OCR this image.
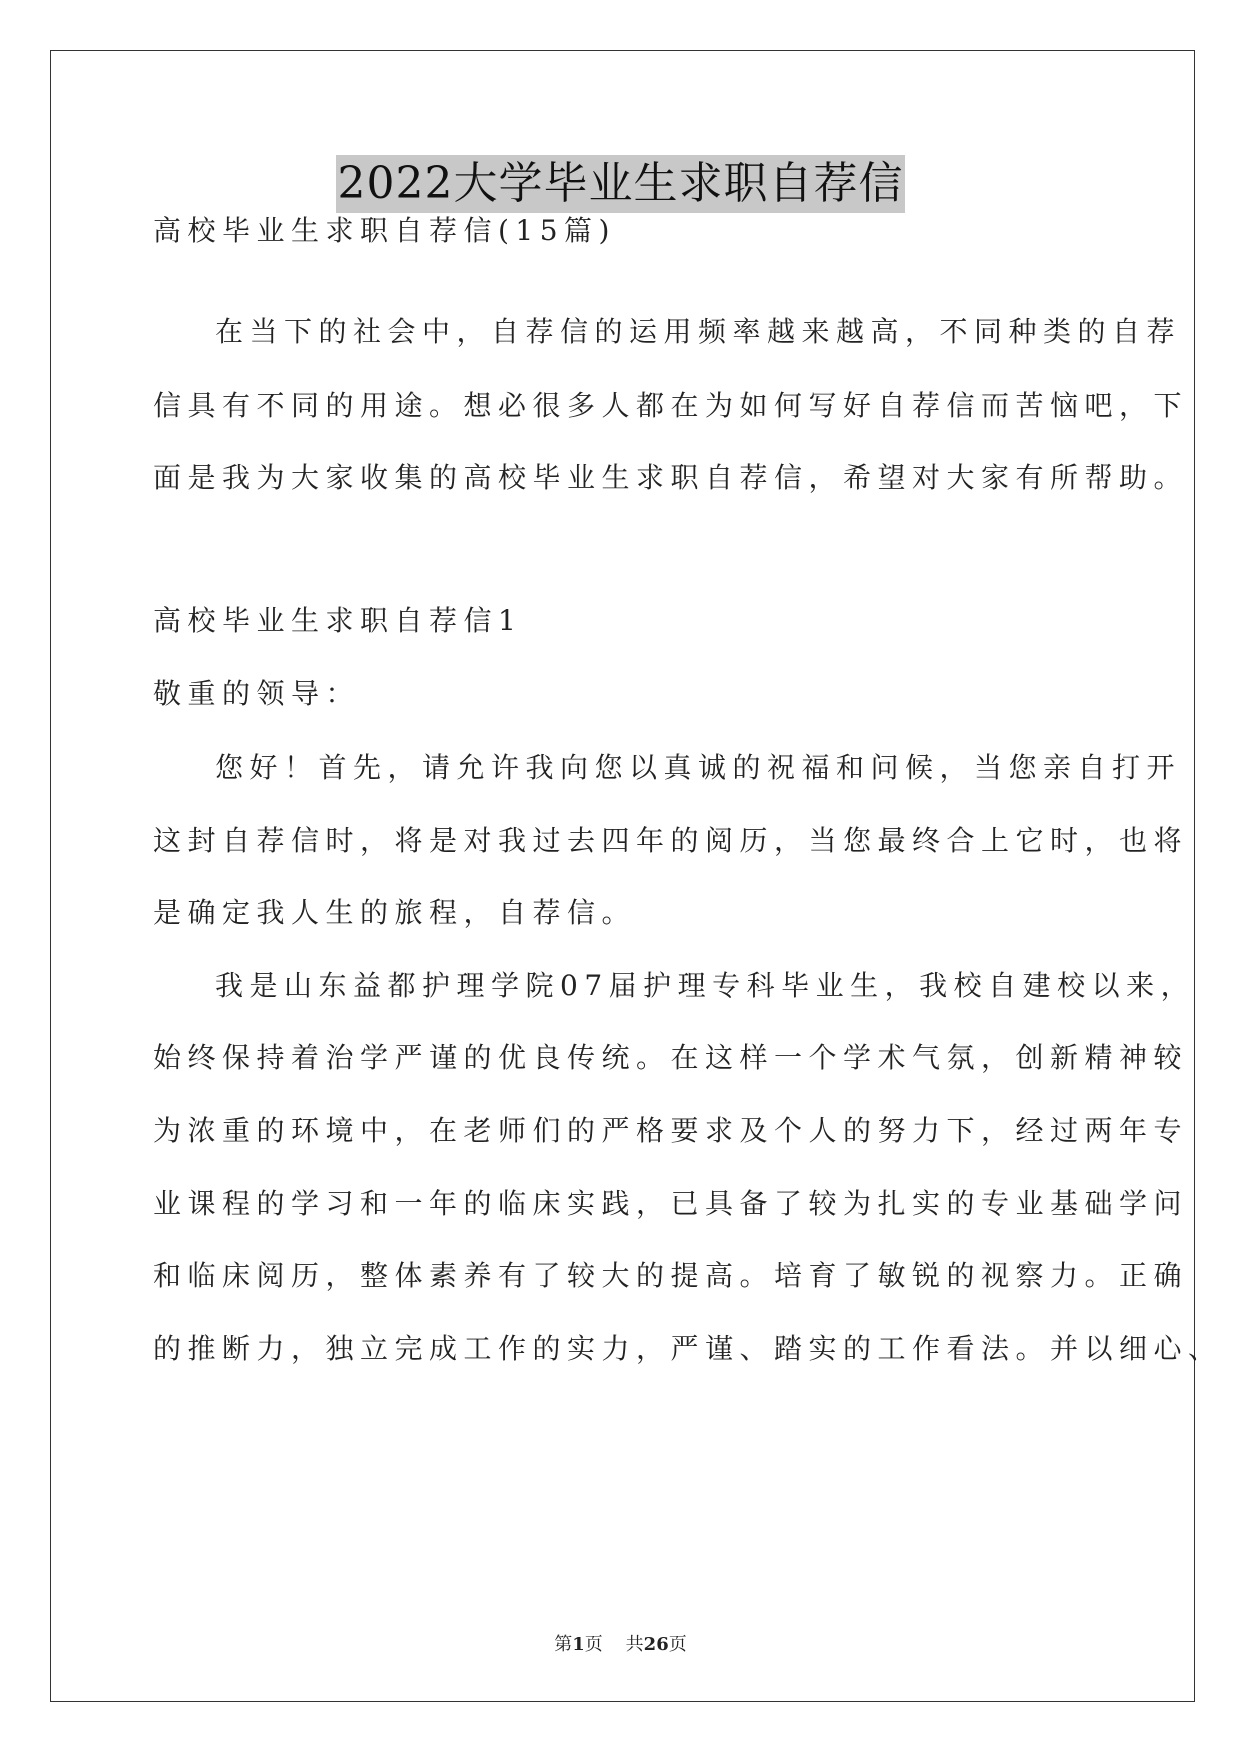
2022大学毕业生求职自荐信
高校毕业生求职自荐信(15篇)
在当下的社会中，自荐信的运用频率越来越高，不同种类的自荐
信具有不同的用途。想必很多人都在为如何写好自荐信而苦恼吧，下
面是我为大家收集的高校毕业生求职自荐信，希望对大家有所帮助。
高校毕业生求职自荐信1
敬重的领导：
您好！首先，请允许我向您以真诚的祝福和问候，当您亲自打开
这封自荐信时，将是对我过去四年的阅历，当您最终合上它时，也将
是确定我人生的旅程，自荐信。
我是山东益都护理学院07届护理专科毕业生，我校自建校以来，
始终保持着治学严谨的优良传统。在这样一个学术气氛，创新精神较
为浓重的环境中，在老师们的严格要求及个人的努力下，经过两年专
业课程的学习和一年的临床实践，已具备了较为扎实的专业基础学问
和临床阅历，整体素养有了较大的提高。培育了敏锐的视察力。正确
的推断力，独立完成工作的实力，严谨、踏实的工作看法。并以细心、
第1页 共26页
